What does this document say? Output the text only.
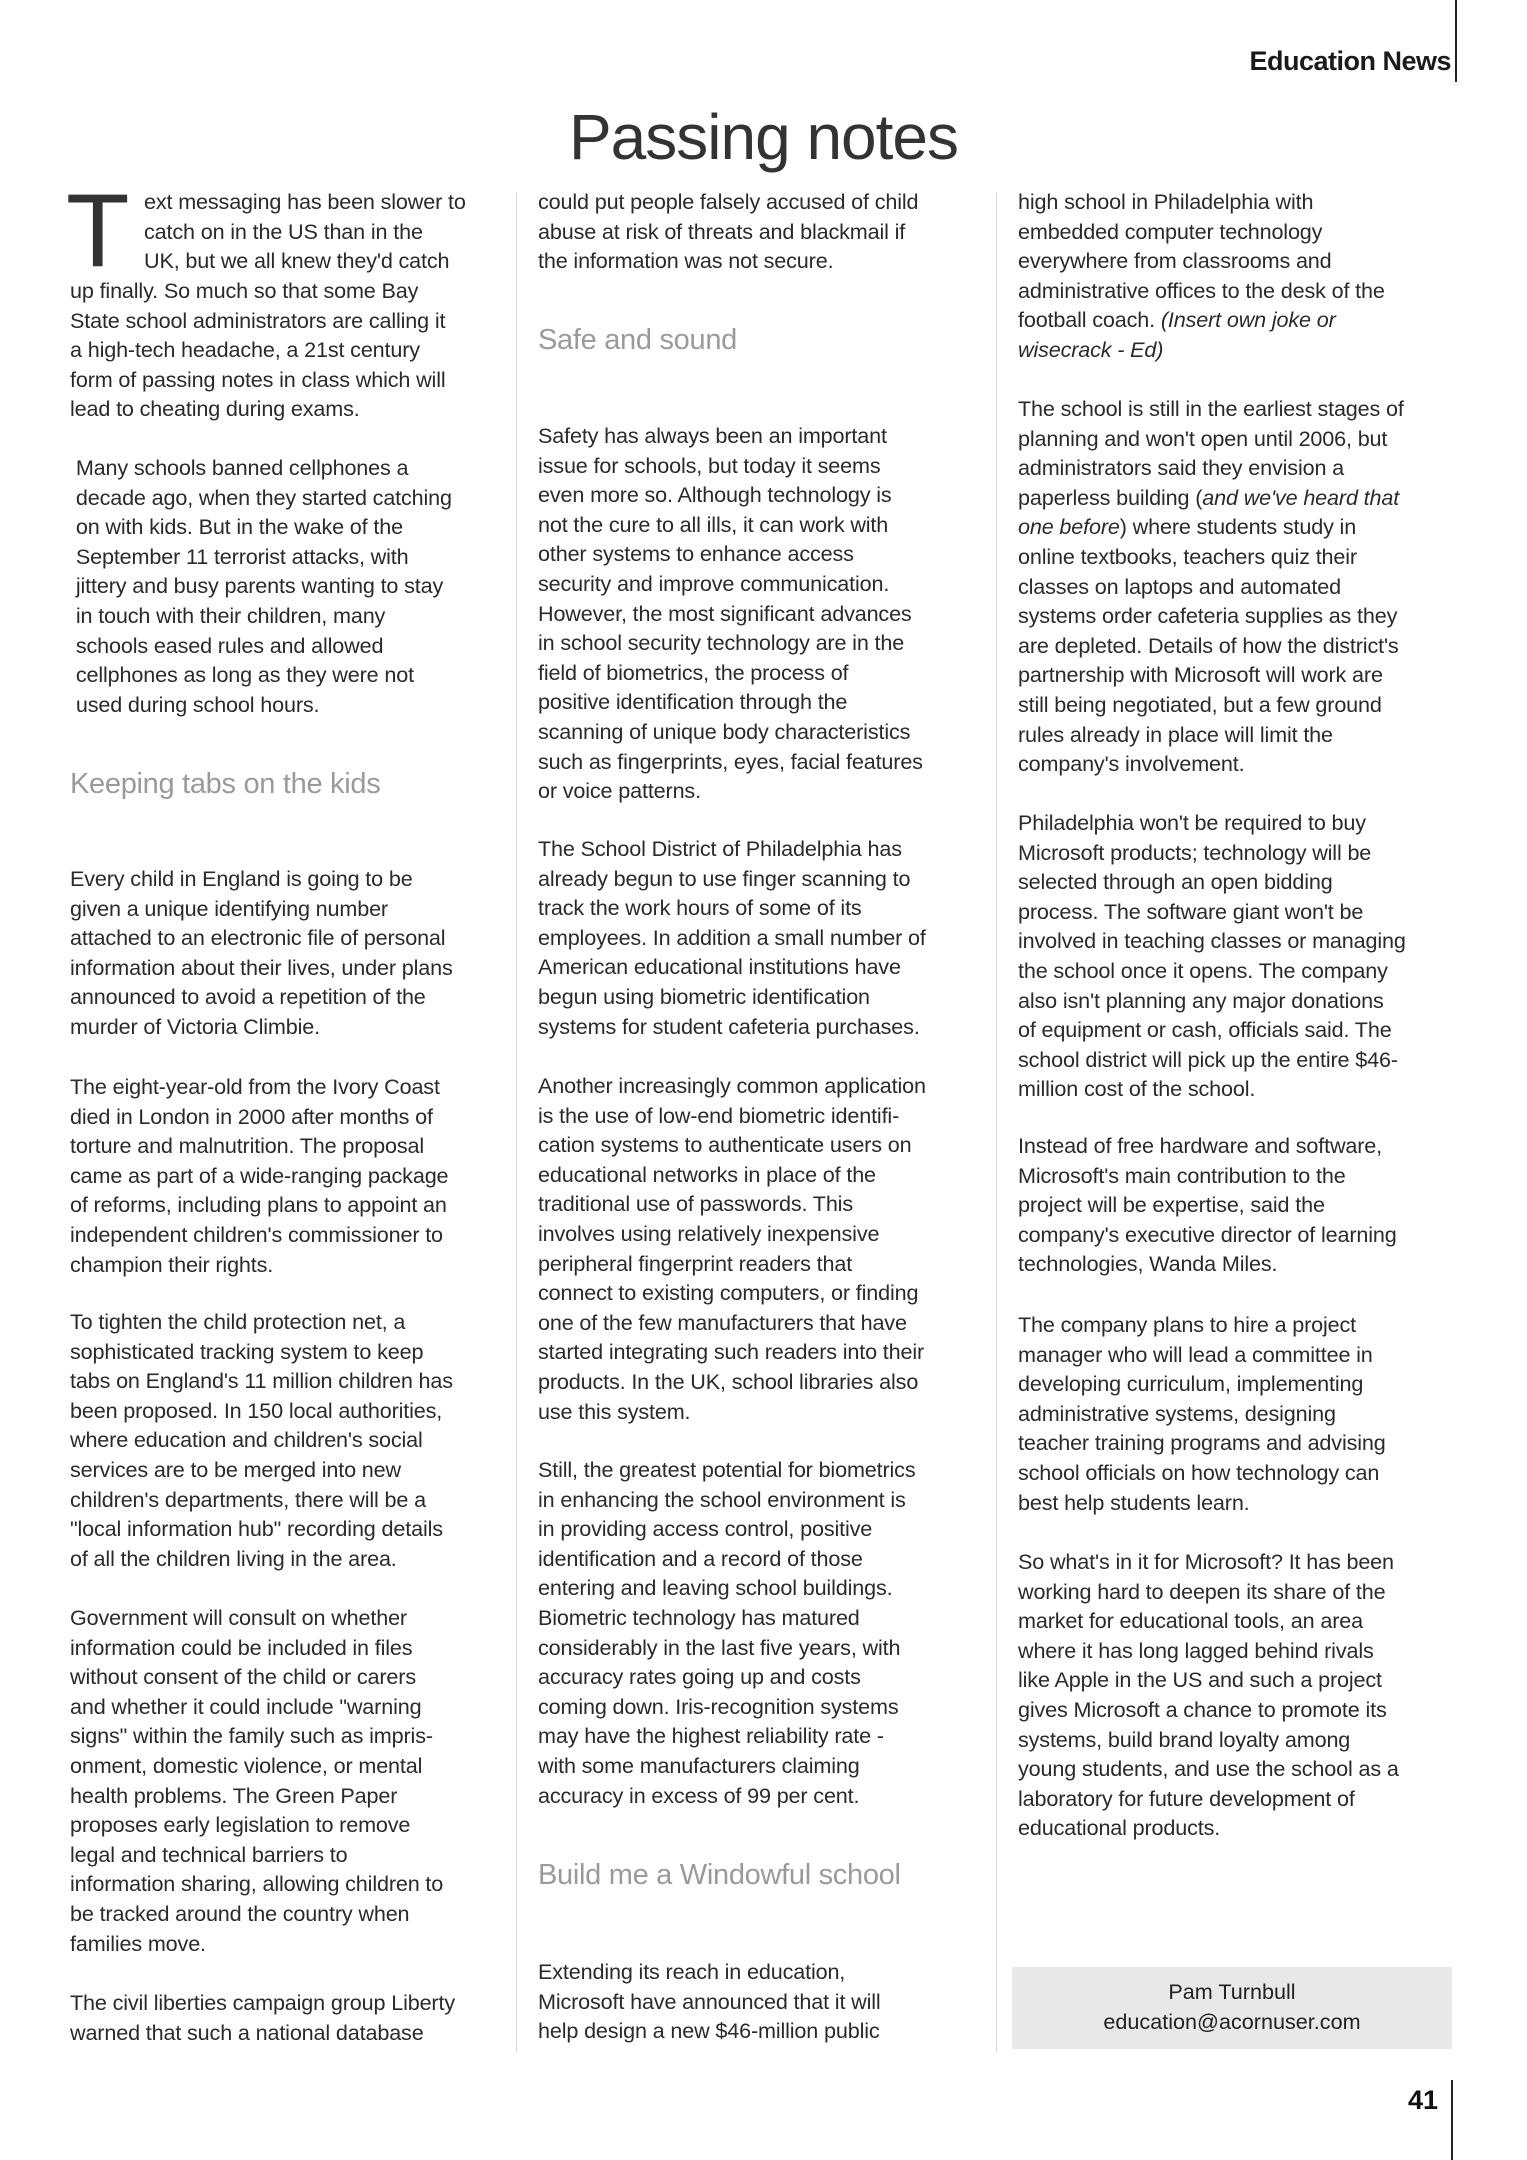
Education News
Passing notes
T ext messaging has been slower to
catch on in the US than in the
UK, but we all knew they'd catch
up finally. So much so that some Bay
State school administrators are calling it
a high-tech headache, a 21st century
form of passing notes in class which will
lead to cheating during exams.
Many schools banned cellphones a
decade ago, when they started catching
on with kids. But in the wake of the
September 11 terrorist attacks, with
jittery and busy parents wanting to stay
in touch with their children, many
schools eased rules and allowed
cellphones as long as they were not
used during school hours.
Keeping tabs on the kids
Every child in England is going to be
given a unique identifying number
attached to an electronic file of personal
information about their lives, under plans
announced to avoid a repetition of the
murder of Victoria Climbie.
The eight-year-old from the Ivory Coast
died in London in 2000 after months of
torture and malnutrition. The proposal
came as part of a wide-ranging package
of reforms, including plans to appoint an
independent children's commissioner to
champion their rights.
To tighten the child protection net, a
sophisticated tracking system to keep
tabs on England's 11 million children has
been proposed. In 150 local authorities,
where education and children's social
services are to be merged into new
children's departments, there will be a
"local information hub" recording details
of all the children living in the area.
Government will consult on whether
information could be included in files
without consent of the child or carers
and whether it could include "warning
signs" within the family such as impris-
onment, domestic violence, or mental
health problems. The Green Paper
proposes early legislation to remove
legal and technical barriers to
information sharing, allowing children to
be tracked around the country when
families move.
The civil liberties campaign group Liberty
warned that such a national database
could put people falsely accused of child
abuse at risk of threats and blackmail if
the information was not secure.
Safe and sound
Safety has always been an important
issue for schools, but today it seems
even more so. Although technology is
not the cure to all ills, it can work with
other systems to enhance access
security and improve communication.
However, the most significant advances
in school security technology are in the
field of biometrics, the process of
positive identification through the
scanning of unique body characteristics
such as fingerprints, eyes, facial features
or voice patterns.
The School District of Philadelphia has
already begun to use finger scanning to
track the work hours of some of its
employees. In addition a small number of
American educational institutions have
begun using biometric identification
systems for student cafeteria purchases.
Another increasingly common application
is the use of low-end biometric identifi-
cation systems to authenticate users on
educational networks in place of the
traditional use of passwords. This
involves using relatively inexpensive
peripheral fingerprint readers that
connect to existing computers, or finding
one of the few manufacturers that have
started integrating such readers into their
products. In the UK, school libraries also
use this system.
Still, the greatest potential for biometrics
in enhancing the school environment is
in providing access control, positive
identification and a record of those
entering and leaving school buildings.
Biometric technology has matured
considerably in the last five years, with
accuracy rates going up and costs
coming down. Iris-recognition systems
may have the highest reliability rate -
with some manufacturers claiming
accuracy in excess of 99 per cent.
Build me a Windowful school
Extending its reach in education,
Microsoft have announced that it will
help design a new $46-million public
high school in Philadelphia with
embedded computer technology
everywhere from classrooms and
administrative offices to the desk of the
football coach. (Insert own joke or
wisecrack - Ed)
The school is still in the earliest stages of
planning and won't open until 2006, but
administrators said they envision a
paperless building (and we've heard that
one before) where students study in
online textbooks, teachers quiz their
classes on laptops and automated
systems order cafeteria supplies as they
are depleted. Details of how the district's
partnership with Microsoft will work are
still being negotiated, but a few ground
rules already in place will limit the
company's involvement.
Philadelphia won't be required to buy
Microsoft products; technology will be
selected through an open bidding
process. The software giant won't be
involved in teaching classes or managing
the school once it opens. The company
also isn't planning any major donations
of equipment or cash, officials said. The
school district will pick up the entire $46-
million cost of the school.
Instead of free hardware and software,
Microsoft's main contribution to the
project will be expertise, said the
company's executive director of learning
technologies, Wanda Miles.
The company plans to hire a project
manager who will lead a committee in
developing curriculum, implementing
administrative systems, designing
teacher training programs and advising
school officials on how technology can
best help students learn.
So what's in it for Microsoft? It has been
working hard to deepen its share of the
market for educational tools, an area
where it has long lagged behind rivals
like Apple in the US and such a project
gives Microsoft a chance to promote its
systems, build brand loyalty among
young students, and use the school as a
laboratory for future development of
educational products.
Pam Turnbull
education@acornuser.com
41
